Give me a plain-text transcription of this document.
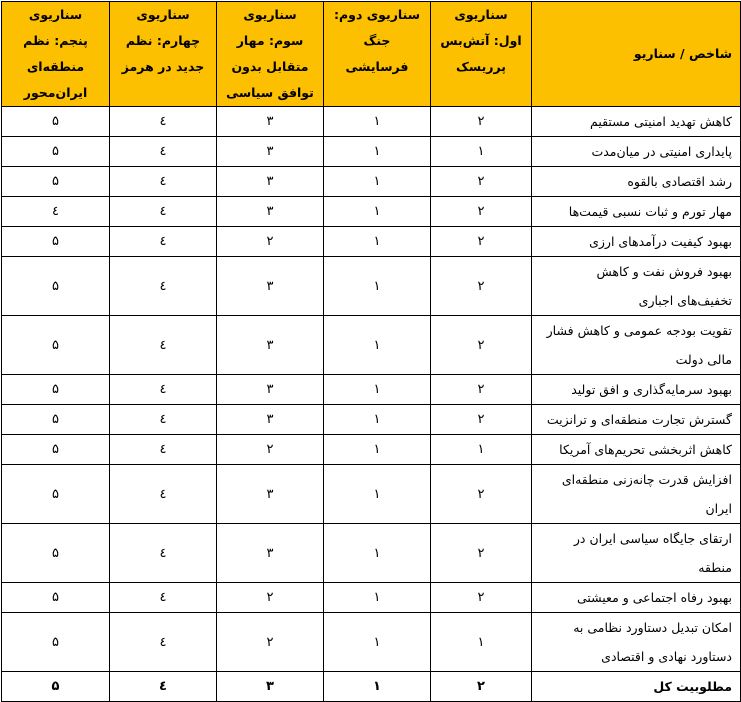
شاخص / سناریو	سناریوی اول: آتش‌بس پرریسک	سناریوی دوم: جنگ فرسایشی	سناریوی سوم: مهار متقابل بدون توافق سیاسی	سناریوی چهارم: نظم جدید در هرمز	سناریوی پنجم: نظم منطقه‌ای ایران‌محور
کاهش تهدید امنیتی مستقیم	۲	۱	۳	٤	۵
پایداری امنیتی در میان‌مدت	۱	۱	۳	٤	۵
رشد اقتصادی بالقوه	۲	۱	۳	٤	۵
مهار تورم و ثبات نسبی قیمت‌ها	۲	۱	۳	٤	٤
بهبود کیفیت درآمدهای ارزی	۲	۱	۲	٤	۵
بهبود فروش نفت و کاهش تخفیف‌های اجباری	۲	۱	۳	٤	۵
تقویت بودجه عمومی و کاهش فشار مالی دولت	۲	۱	۳	٤	۵
بهبود سرمایه‌گذاری و افق تولید	۲	۱	۳	٤	۵
گسترش تجارت منطقه‌ای و ترانزیت	۲	۱	۳	٤	۵
کاهش اثربخشی تحریم‌های آمریکا	۱	۱	۲	٤	۵
افزایش قدرت چانه‌زنی منطقه‌ای ایران	۲	۱	۳	٤	۵
ارتقای جایگاه سیاسی ایران در منطقه	۲	۱	۳	٤	۵
بهبود رفاه اجتماعی و معیشتی	۲	۱	۲	٤	۵
امکان تبدیل دستاورد نظامی به دستاورد نهادی و اقتصادی	۱	۱	۲	٤	۵
مطلوبیت کل	۲	۱	۳	٤	۵
